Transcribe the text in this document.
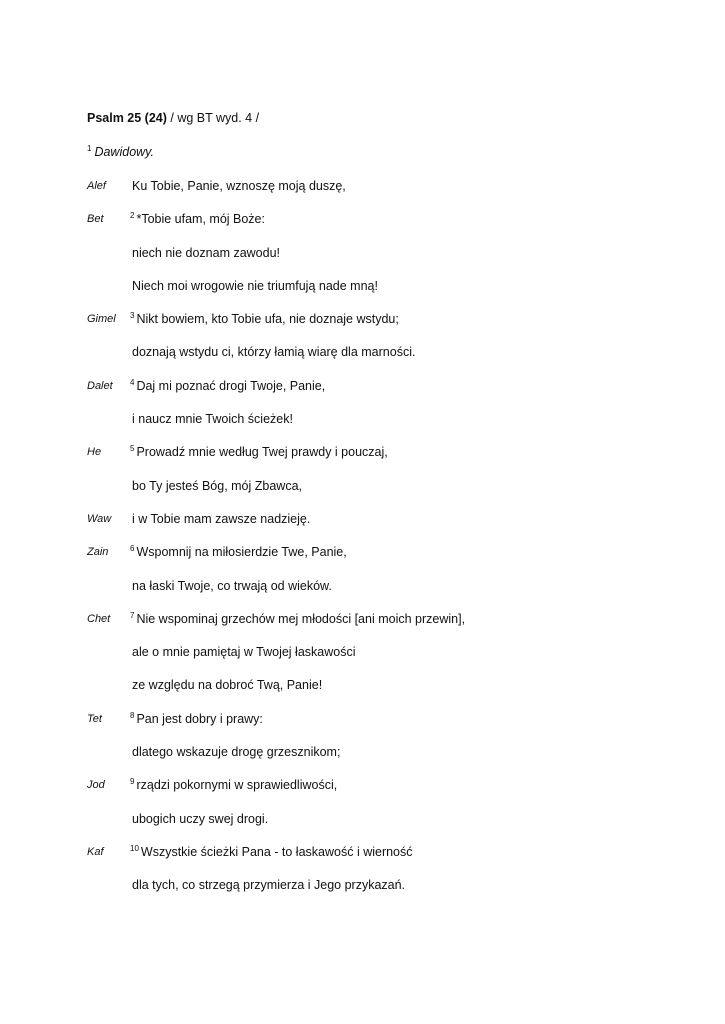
Psalm 25 (24) / wg BT wyd. 4 /
$^1$ Dawidowy.
Alef Ku Tobie, Panie, wznoszę moją duszę,
Bet	$^2$ *Tobie ufam, mój Boże:
niech nie doznam zawodu!
Niech moi wrogowie nie triumfują nade mną!
Gimel $^3$ Nikt bowiem, kto Tobie ufa, nie doznaje wstydu;
doznają wstydu ci, którzy łamią wiarę dla marności.
Dalet $^4$ Daj mi poznać drogi Twoje, Panie,
i naucz mnie Twoich ścieżek!
He	$^5$ Prowadź mnie według Twej prawdy i pouczaj,
bo Ty jesteś Bóg, mój Zbawca,
Waw i w Tobie mam zawsze nadzieję.
Zain	$^6$ Wspomnij na miłosierdzie Twe, Panie,
na łaski Twoje, co trwają od wieków.
Chet $^7$ Nie wspominaj grzechów mej młodości [ani moich przewin],
ale o mnie pamiętaj w Twojej łaskawości
ze względu na dobroć Twą, Panie!
Tet	$^8$ Pan jest dobry i prawy:
dlatego wskazuje drogę grzesznikom;
Jod	$^9$ rządzi pokornymi w sprawiedliwości,
ubogich uczy swej drogi.
Kaf	$^{10}$ Wszystkie ścieżki Pana - to łaskawość i wierność
dla tych, co strzegą przymierza i Jego przykazań.
